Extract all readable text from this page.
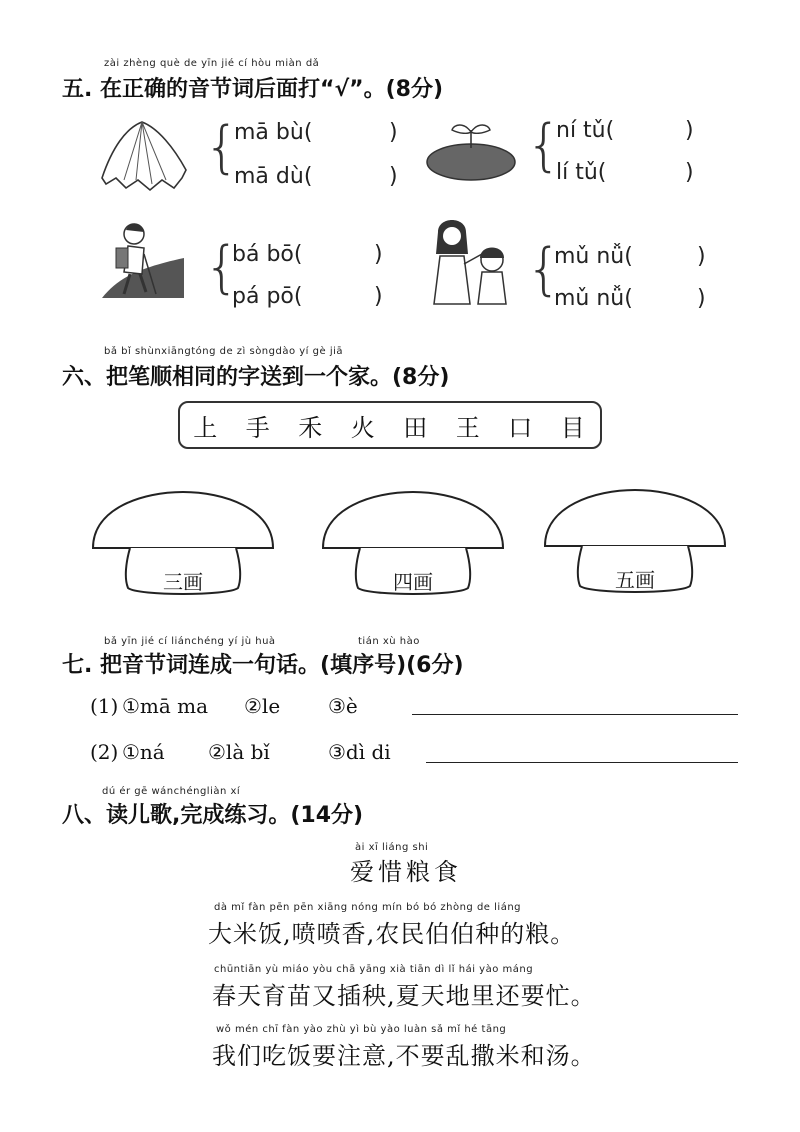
zài zhèng què de yīn jié cí hòu miàn dǎ
五. 在正确的音节词后面打“√”。(8分)
{
mā bù(	)
mā dù(	) {
ní tǔ(	)
lí tǔ(	)
{
bá bō(	)
pá pō(	)	{
mǔ nǚ(	)
mǔ nǚ(	)
bǎ bǐ shùnxiāngtóng de zì sòngdào yí gè jiā
六、把笔顺相同的字送到一个家。(8分)
上 手 禾 火 田 王 口 目
三画	四画	五画
bǎ yīn jié cí liánchéng yí jù huà	tián xù hào
七. 把音节词连成一句话。(填序号)(6分)
(1) ①mā ma ②le ③è
(2) ①ná ②là bǐ	③dì di
dú ér gē wánchéngliàn xí
八、读儿歌,完成练习。(14分)
ài xī liáng shi
爱惜粮食
dà mǐ fàn pēn pēn xiāng nóng mín bó bó zhòng de liáng
大米饭,喷喷香,农民伯伯种的粮。
chūntiān yù miáo yòu chā yāng xià tiān dì lǐ hái yào máng
春天育苗又插秧,夏天地里还要忙。
wǒ mén chī fàn yào zhù yì bù yào luàn sǎ mǐ hé tāng
我们吃饭要注意,不要乱撒米和汤。
